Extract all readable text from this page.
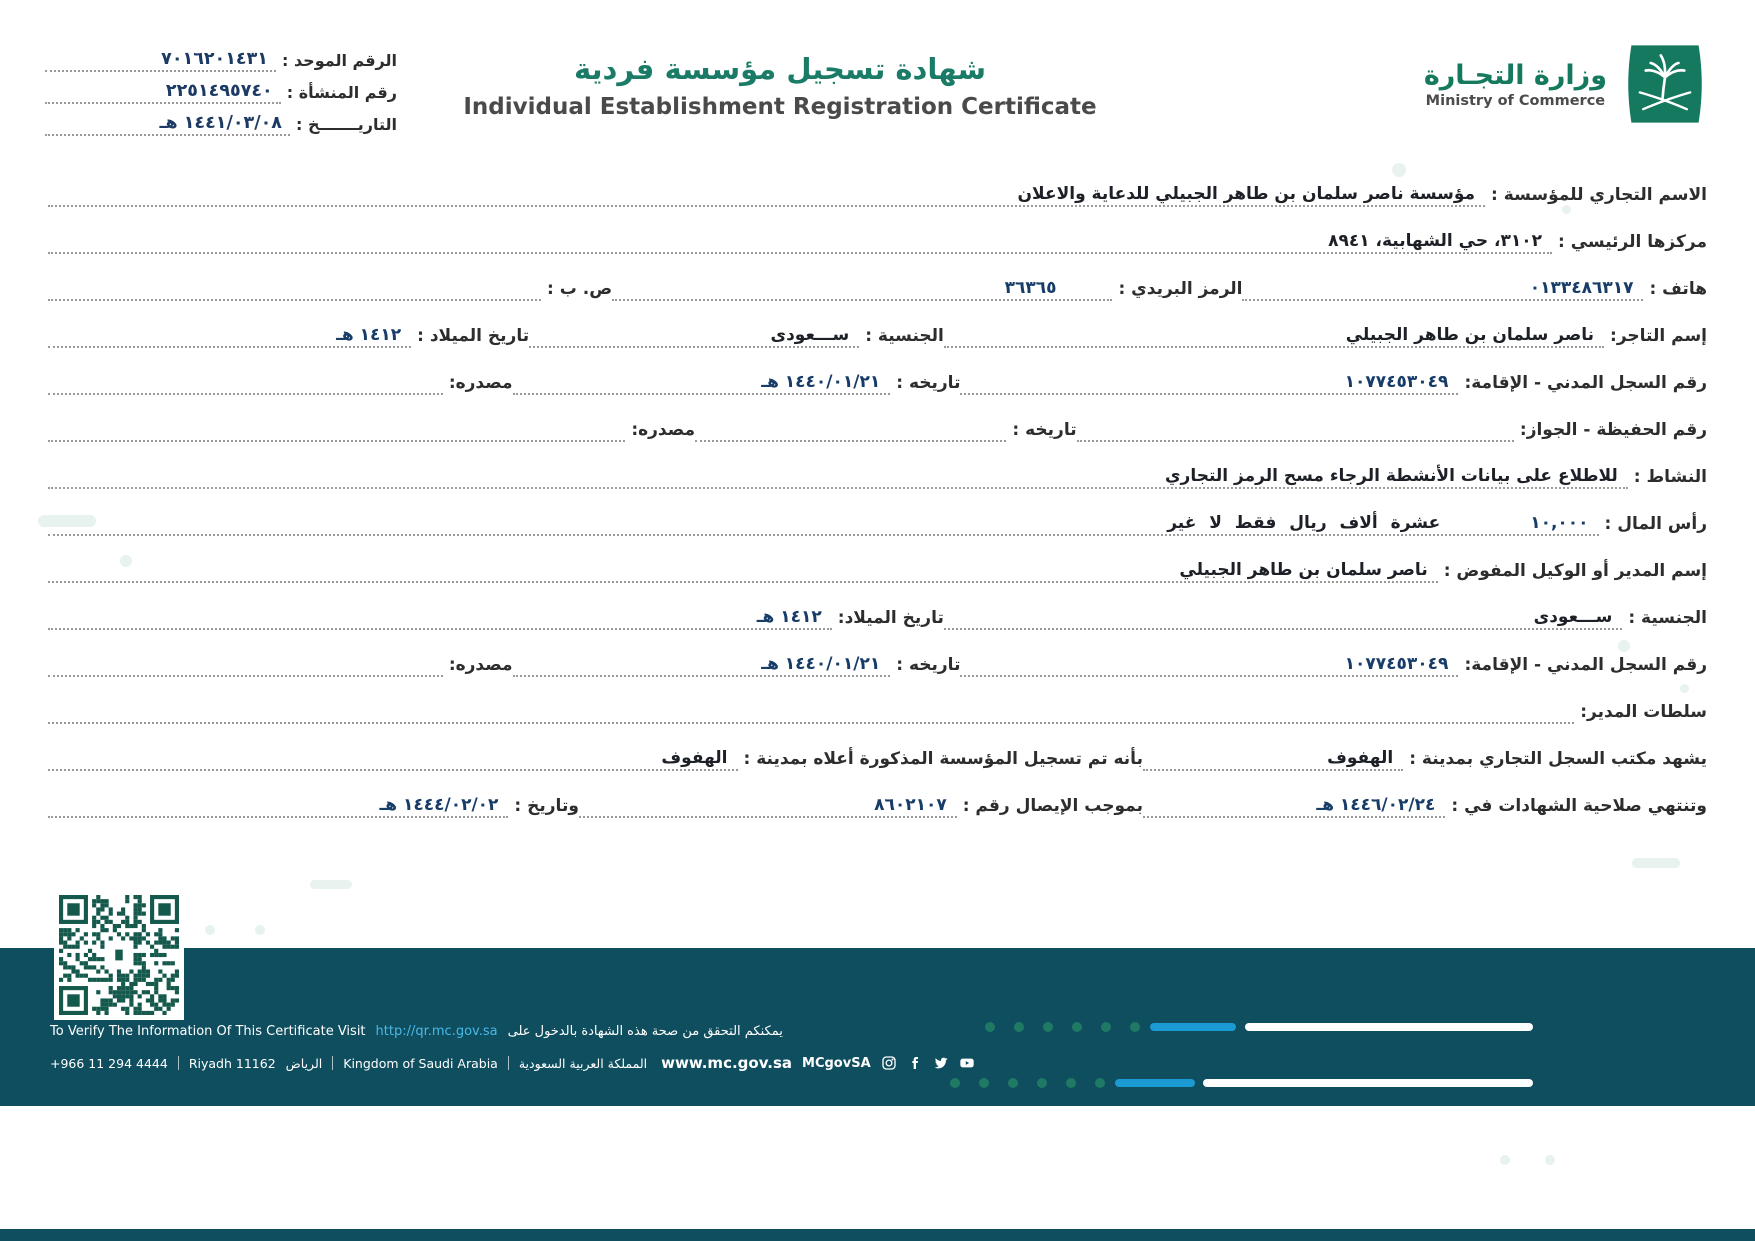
وزارة التجـارة
Ministry of Commerce
شهادة تسجيل مؤسسة فردية
Individual Establishment Registration Certificate
الرقم الموحد :
٧٠١٦٢٠١٤٣١
رقم المنشأة :
٢٢٥١٤٩٥٧٤٠
التاريـــــــخ :
١٤٤١/٠٣/٠٨ هـ
الاسم التجاري للمؤسسة :
مؤسسة ناصر سلمان بن طاهر الجبيلي للدعاية والاعلان
مركزها الرئيسي :
٣١٠٢، حي الشهابية، ٨٩٤١
هاتف :
٠١٣٣٤٨٦٣١٧
الرمز البريدي :
٣٦٣٦٥
ص. ب :
إسم التاجر:
ناصر سلمان بن طاهر الجبيلي
الجنسية :
ســـعودى
تاريخ الميلاد :
١٤١٢ هـ
رقم السجل المدني - الإقامة:
١٠٧٧٤٥٣٠٤٩
تاريخه :
١٤٤٠/٠١/٢١ هـ
مصدره:
رقم الحفيظة - الجواز:
تاريخه :
مصدره:
النشاط :
للاطلاع على بيانات الأنشطة الرجاء مسح الرمز التجاري
رأس المال :
١٠,٠٠٠
عشرة ألاف ريال فقط لا غير
إسم المدير أو الوكيل المفوض :
ناصر سلمان بن طاهر الجبيلي
الجنسية :
ســـعودى
تاريخ الميلاد:
١٤١٢ هـ
رقم السجل المدني - الإقامة:
١٠٧٧٤٥٣٠٤٩
تاريخه :
١٤٤٠/٠١/٢١ هـ
مصدره:
سلطات المدير:
يشهد مكتب السجل التجاري بمدينة :
الهفوف
بأنه تم تسجيل المؤسسة المذكورة أعلاه بمدينة :
الهفوف
وتنتهي صلاحية الشهادات في :
١٤٤٦/٠٢/٢٤ هـ
بموجب الإيصال رقم :
٨٦٠٢١٠٧
وتاريخ :
١٤٤٤/٠٢/٠٢ هـ
To Verify The Information Of This Certificate Visit http://qr.mc.gov.sa يمكنكم التحقق من صحة هذه الشهادة بالدخول على
+966 11 294 4444 Riyadh 11162 الرياض Kingdom of Saudi Arabia المملكة العربية السعودية www.mc.gov.sa MCgovSA
